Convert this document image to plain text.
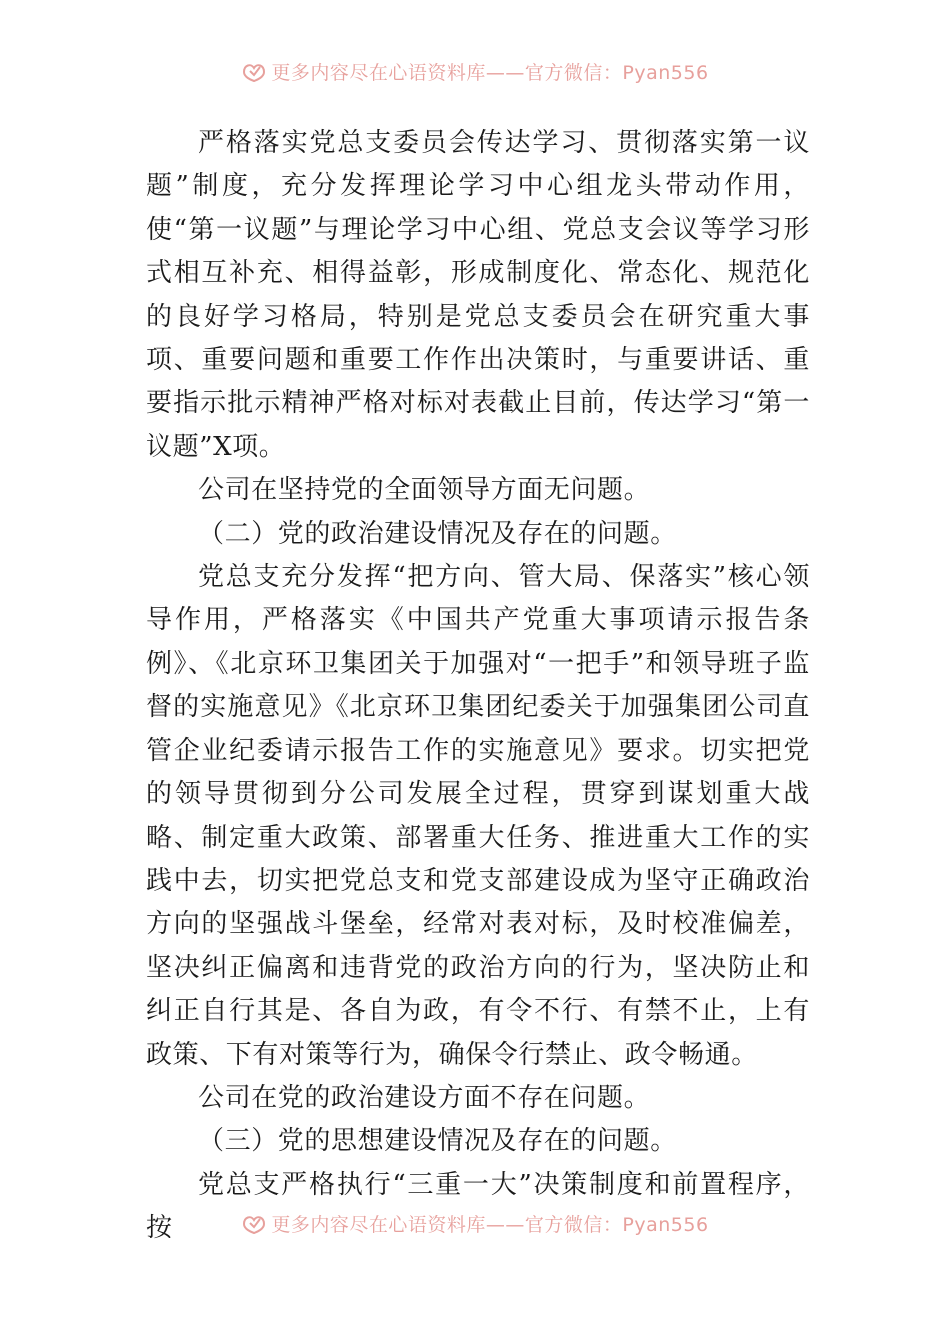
更多内容尽在心语资料库——官方微信：Pyan556

严格落实党总支委员会传达学习、贯彻落实第一议题”制度，充分发挥理论学习中心组龙头带动作用，使“第一议题”与理论学习中心组、党总支会议等学习形式相互补充、相得益彰，形成制度化、常态化、规范化的良好学习格局，特别是党总支委员会在研究重大事项、重要问题和重要工作作出决策时，与重要讲话、重要指示批示精神严格对标对表截止目前，传达学习“第一议题”X项。

公司在坚持党的全面领导方面无问题。

（二）党的政治建设情况及存在的问题。

党总支充分发挥“把方向、管大局、保落实”核心领导作用，严格落实《中国共产党重大事项请示报告条例》、《北京环卫集团关于加强对“一把手”和领导班子监督的实施意见》《北京环卫集团纪委关于加强集团公司直管企业纪委请示报告工作的实施意见》要求。切实把党的领导贯彻到分公司发展全过程，贯穿到谋划重大战略、制定重大政策、部署重大任务、推进重大工作的实践中去，切实把党总支和党支部建设成为坚守正确政治方向的坚强战斗堡垒，经常对表对标，及时校准偏差，坚决纠正偏离和违背党的政治方向的行为，坚决防止和纠正自行其是、各自为政，有令不行、有禁不止，上有政策、下有对策等行为，确保令行禁止、政令畅通。

公司在党的政治建设方面不存在问题。

（三）党的思想建设情况及存在的问题。

党总支严格执行“三重一大”决策制度和前置程序，按	更多内容尽在心语资料库——官方微信：Pyan556
